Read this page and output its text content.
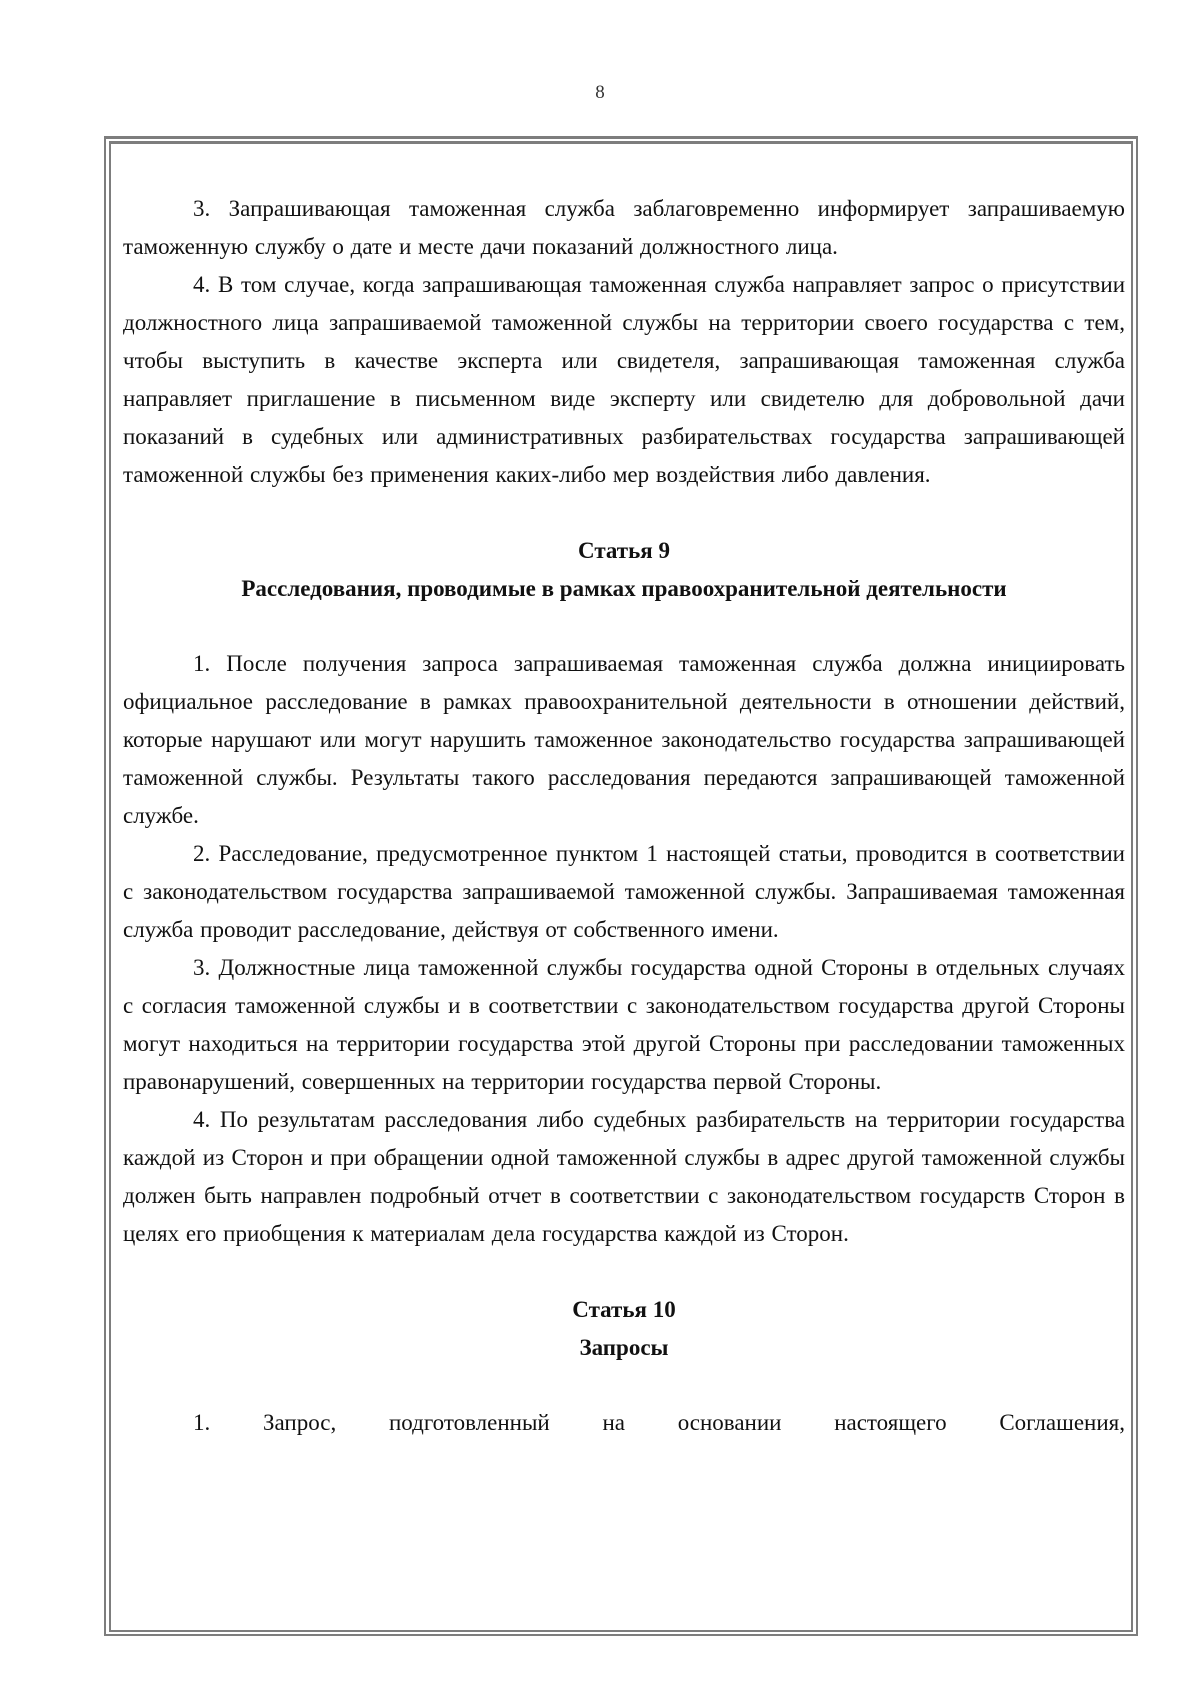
8

3. Запрашивающая таможенная служба заблаговременно информирует запрашиваемую таможенную службу о дате и месте дачи показаний должностного лица.

4. В том случае, когда запрашивающая таможенная служба направляет запрос о присутствии должностного лица запрашиваемой таможенной службы на территории своего государства с тем, чтобы выступить в качестве эксперта или свидетеля, запрашивающая таможенная служба направляет приглашение в письменном виде эксперту или свидетелю для добровольной дачи показаний в судебных или административных разбирательствах государства запрашивающей таможенной службы без применения каких-либо мер воздействия либо давления.

Статья 9
Расследования, проводимые в рамках правоохранительной деятельности

1. После получения запроса запрашиваемая таможенная служба должна инициировать официальное расследование в рамках правоохранительной деятельности в отношении действий, которые нарушают или могут нарушить таможенное законодательство государства запрашивающей таможенной службы. Результаты такого расследования передаются запрашивающей таможенной службе.

2. Расследование, предусмотренное пунктом 1 настоящей статьи, проводится в соответствии с законодательством государства запрашиваемой таможенной службы. Запрашиваемая таможенная служба проводит расследование, действуя от собственного имени.

3. Должностные лица таможенной службы государства одной Стороны в отдельных случаях с согласия таможенной службы и в соответствии с законодательством государства другой Стороны могут находиться на территории государства этой другой Стороны при расследовании таможенных правонарушений, совершенных на территории государства первой Стороны.

4. По результатам расследования либо судебных разбирательств на территории государства каждой из Сторон и при обращении одной таможенной службы в адрес другой таможенной службы должен быть направлен подробный отчет в соответствии с законодательством государств Сторон в целях его приобщения к материалам дела государства каждой из Сторон.

Статья 10
Запросы

1. Запрос, подготовленный на основании настоящего Соглашения,
